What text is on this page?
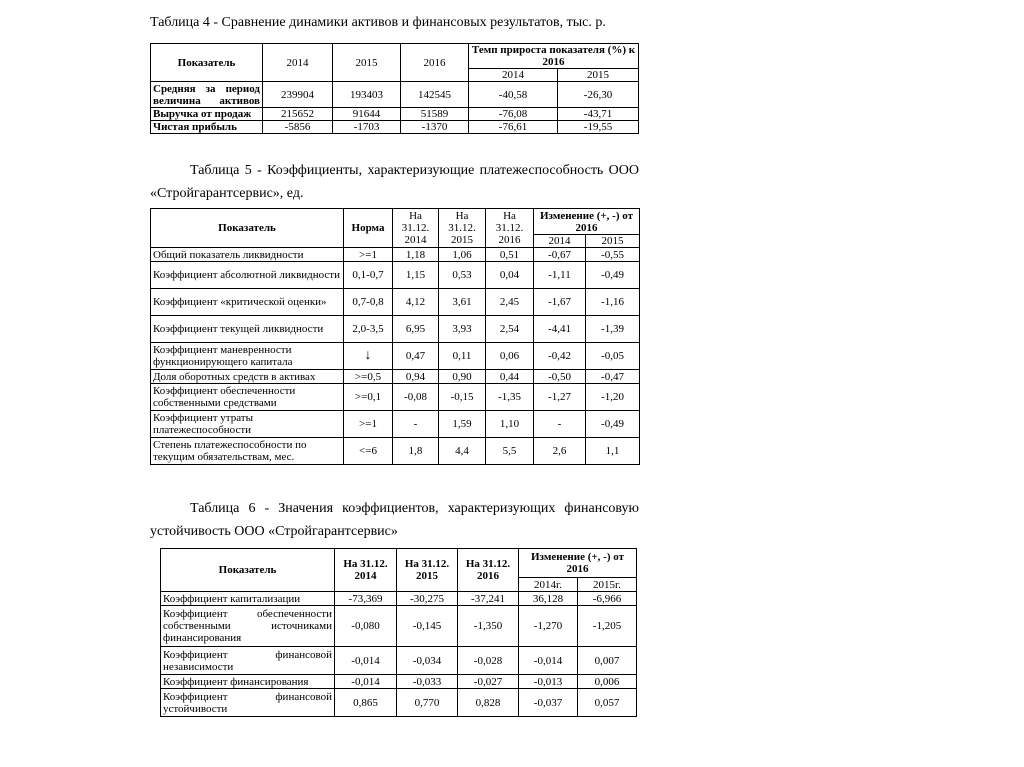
Таблица 4 - Сравнение динамики активов и финансовых результатов, тыс. р.
Показатель	2014	2015	2016	Темп прироста показателя (%) к 2016	
				2014	2015
Средняя за период величина активов	239904	193403	142545	-40,58	-26,30
Выручка от продаж	215652	91644	51589	-76,08	-43,71
Чистая прибыль	-5856	-1703	-1370	-76,61	-19,55
Таблица 5 - Коэффициенты, характеризующие платежеспособность ООО
«Стройгарантсервис», ед.
Показатель	Норма	На 31.12. 2014	На 31.12. 2015	На 31.12. 2016	Изменение (+, -) от 2016	
					2014	2015
Общий показатель ликвидности	>=1	1,18	1,06	0,51	-0,67	-0,55
Коэффициент абсолютной ликвидности	0,1-0,7	1,15	0,53	0,04	-1,11	-0,49
Коэффициент «критической оценки»	0,7-0,8	4,12	3,61	2,45	-1,67	-1,16
Коэффициент текущей ликвидности	2,0-3,5	6,95	3,93	2,54	-4,41	-1,39
Коэффициент маневренности функционирующего капитала	↓	0,47	0,11	0,06	-0,42	-0,05
Доля оборотных средств в активах	>=0,5	0,94	0,90	0,44	-0,50	-0,47
Коэффициент обеспеченности собственными средствами	>=0,1	-0,08	-0,15	-1,35	-1,27	-1,20
Коэффициент утраты платежеспособности	>=1	-	1,59	1,10	-	-0,49
Степень платежеспособности по текущим обязательствам, мес.	<=6	1,8	4,4	5,5	2,6	1,1
Таблица 6 - Значения коэффициентов, характеризующих финансовую
устойчивость ООО «Стройгарантсервис»
Показатель	На 31.12. 2014	На 31.12. 2015	На 31.12. 2016	Изменение (+, -) от 2016	
				2014г.	2015г.
Коэффициент капитализации	-73,369	-30,275	-37,241	36,128	-6,966
Коэффициент обеспеченности собственными источниками финансирования	-0,080	-0,145	-1,350	-1,270	-1,205
Коэффициент финансовой независимости	-0,014	-0,034	-0,028	-0,014	0,007
Коэффициент финансирования	-0,014	-0,033	-0,027	-0,013	0,006
Коэффициент финансовой устойчивости	0,865	0,770	0,828	-0,037	0,057
